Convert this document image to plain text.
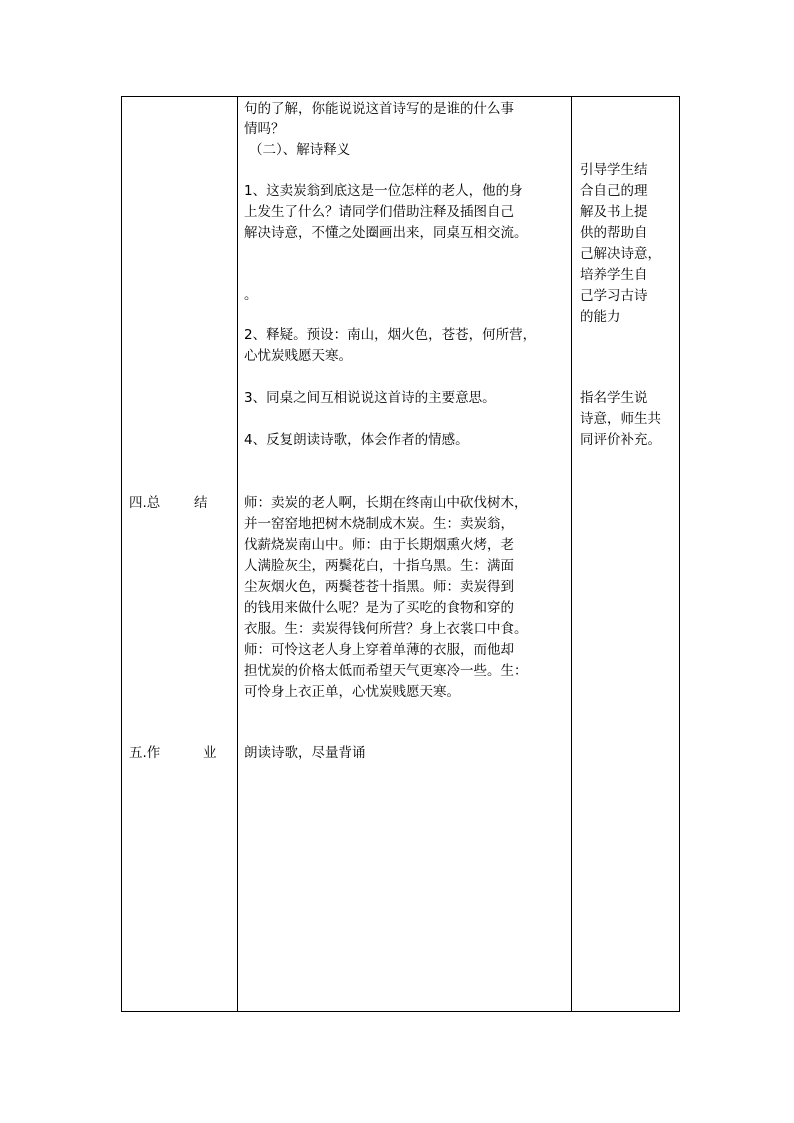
四.总 结
五.作	业
句的了解，你能说说这首诗写的是谁的什么事
情吗？
（二）、解诗释义
1、这卖炭翁到底这是一位怎样的老人，他的身
上发生了什么？请同学们借助注释及插图自己
解决诗意，不懂之处圈画出来，同桌互相交流。
。
2、释疑。预设：南山，烟火色，苍苍，何所营，
心忧炭贱愿天寒。
3、同桌之间互相说说这首诗的主要意思。
4、反复朗读诗歌，体会作者的情感。
师：卖炭的老人啊，长期在终南山中砍伐树木，
并一窑窑地把树木烧制成木炭。生：卖炭翁，
伐薪烧炭南山中。师：由于长期烟熏火烤，老
人满脸灰尘，两鬓花白，十指乌黑。生：满面
尘灰烟火色，两鬓苍苍十指黑。师：卖炭得到
的钱用来做什么呢？是为了买吃的食物和穿的
衣服。生：卖炭得钱何所营？身上衣裳口中食。
师：可怜这老人身上穿着单薄的衣服，而他却
担忧炭的价格太低而希望天气更寒冷一些。生：
可怜身上衣正单，心忧炭贱愿天寒。
朗读诗歌，尽量背诵
引导学生结
合自己的理
解及书上提
供的帮助自
己解决诗意，
培养学生自
己学习古诗
的能力
指名学生说
诗意，师生共
同评价补充。
